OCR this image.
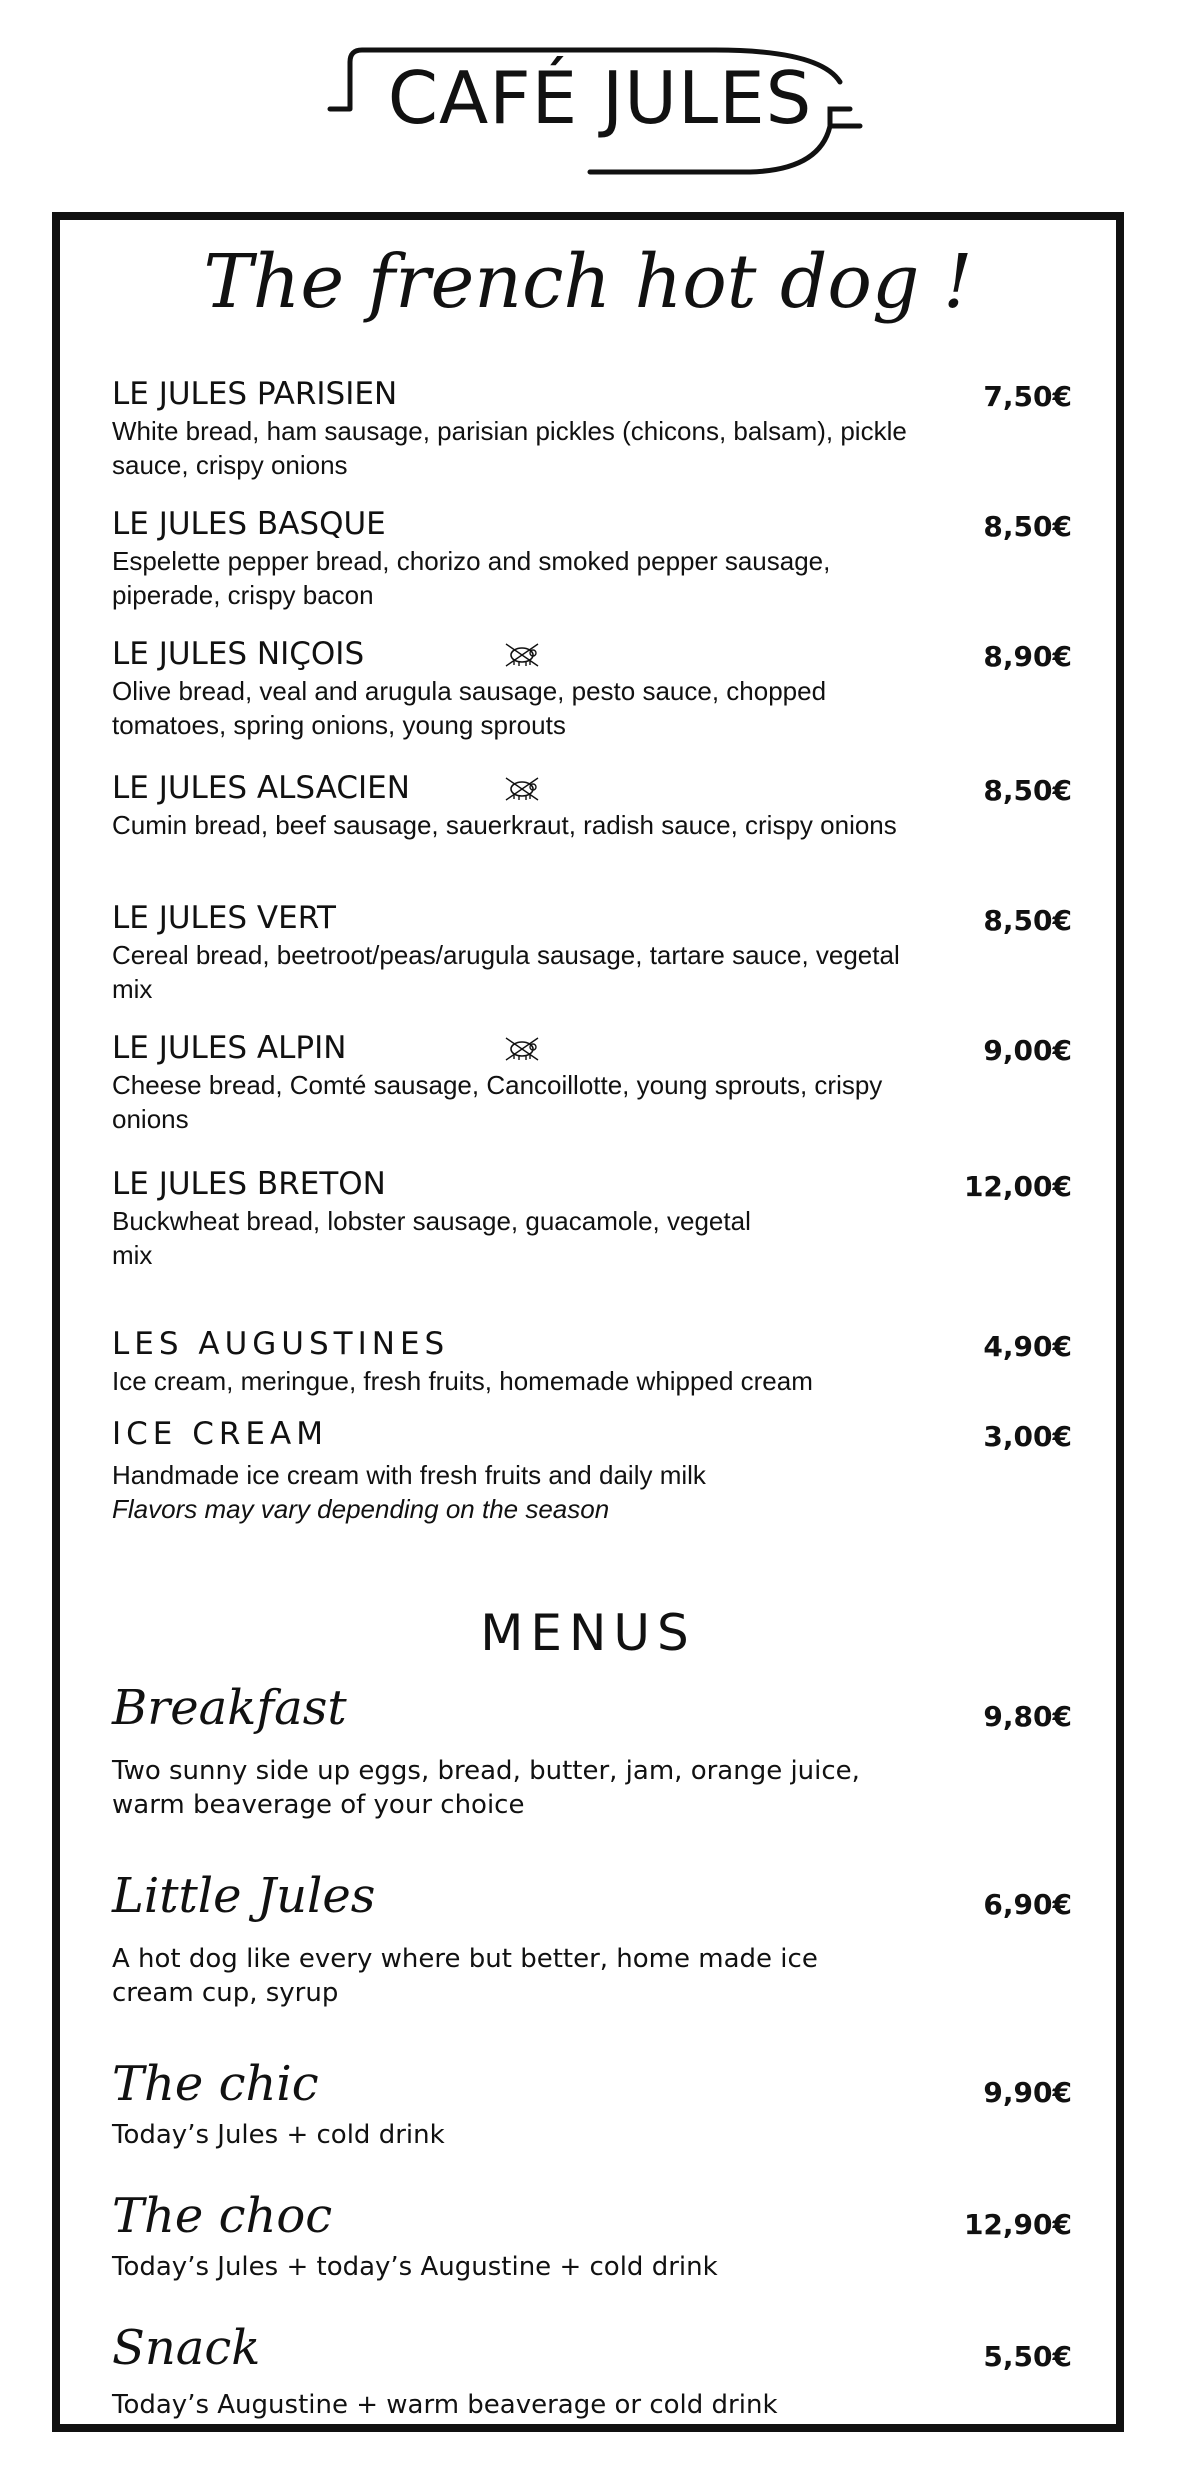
CAFÉ JULES
The french hot dog !
LE JULES PARISIEN
White bread, ham sausage, parisian pickles (chicons, balsam), pickle sauce, crispy onions
7,50€
LE JULES BASQUE
Espelette pepper bread, chorizo and smoked pepper sausage, piperade, crispy bacon
8,50€
LE JULES NIÇOIS
Olive bread, veal and arugula sausage, pesto sauce, chopped tomatoes, spring onions, young sprouts
8,90€
LE JULES ALSACIEN
Cumin bread, beef sausage, sauerkraut, radish sauce, crispy onions
8,50€
LE JULES VERT
Cereal bread, beetroot/peas/arugula sausage, tartare sauce, vegetal mix
8,50€
LE JULES ALPIN
Cheese bread, Comté sausage, Cancoillotte, young sprouts, crispy onions
9,00€
LE JULES BRETON
Buckwheat bread, lobster sausage, guacamole, vegetal mix
12,00€
LES AUGUSTINES
Ice cream, meringue, fresh fruits, homemade whipped cream
4,90€
ICE CREAM
Handmade ice cream with fresh fruits and daily milk
Flavors may vary depending on the season
3,00€
MENUS
Breakfast
Two sunny side up eggs, bread, butter, jam, orange juice, warm beaverage of your choice
9,80€
Little Jules
A hot dog like every where but better, home made ice cream cup, syrup
6,90€
The chic
Today’s Jules + cold drink
9,90€
The choc
Today’s Jules + today’s Augustine + cold drink
12,90€
Snack
Today’s Augustine + warm beaverage or cold drink
5,50€
